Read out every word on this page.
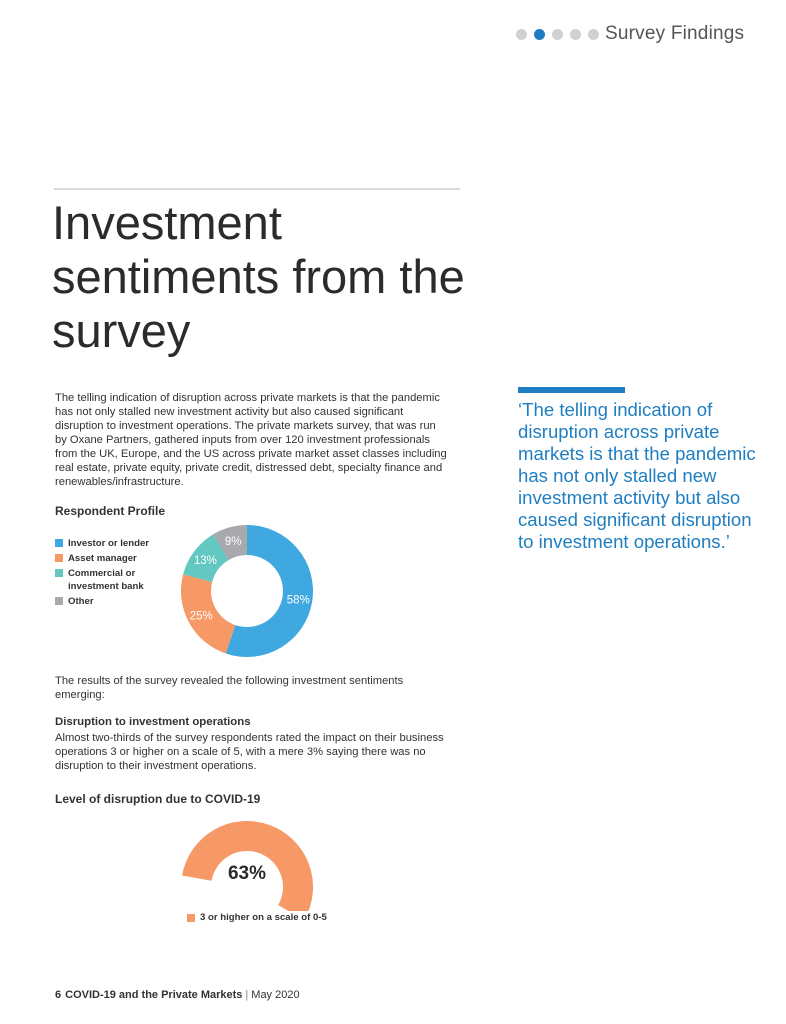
Survey Findings
Investment sentiments from the survey

The telling indication of disruption across private markets is that the pandemic has not only stalled new investment activity but also caused significant disruption to investment operations. The private markets survey, that was run by Oxane Partners, gathered inputs from over 120 investment professionals from the UK, Europe, and the US across private market asset classes including real estate, private equity, private credit, distressed debt, specialty finance and renewables/infrastructure.

Respondent Profile

Investor or lender
Asset manager
Commercial or investment bank
Other	58%
25%
13%
9%

The results of the survey revealed the following investment sentiments emerging:

Disruption to investment operations

Almost two-thirds of the survey respondents rated the impact on their business operations 3 or higher on a scale of 5, with a mere 3% saying there was no disruption to their investment operations.

Level of disruption due to COVID-19

63%
3 or higher on a scale of 0-5

‘The telling indication of disruption across private markets is that the pandemic has not only stalled new investment activity but also caused significant disruption to investment operations.’

6 COVID-19 and the Private Markets | May 2020
